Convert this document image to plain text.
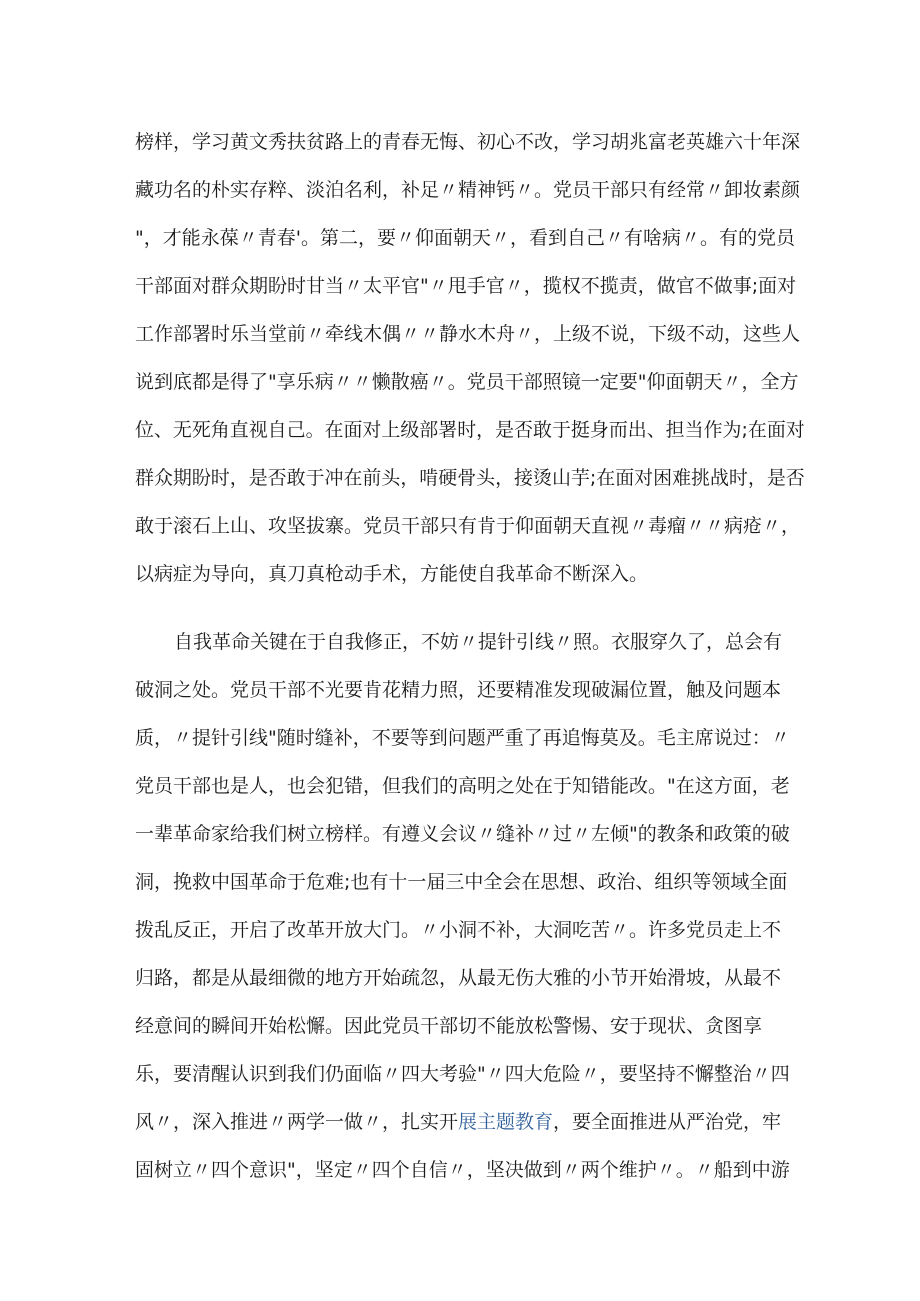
榜样，学习黄文秀扶贫路上的青春无悔、初心不改，学习胡兆富老英雄六十年深
藏功名的朴实存粹、淡泊名利，补足〃精神钙〃。党员干部只有经常〃卸妆素颜
"，才能永葆〃青春'。第二，要〃仰面朝天〃，看到自己〃有啥病〃。有的党员
干部面对群众期盼时甘当〃太平官"〃甩手官〃，揽权不揽责，做官不做事;面对
工作部署时乐当堂前〃牵线木偶〃〃静水木舟〃，上级不说，下级不动，这些人
说到底都是得了"享乐病〃〃懒散癌〃。党员干部照镜一定要"仰面朝天〃，全方
位、无死角直视自己。在面对上级部署时，是否敢于挺身而出、担当作为;在面对
群众期盼时，是否敢于冲在前头，啃硬骨头，接烫山芋;在面对困难挑战时，是否
敢于滚石上山、攻坚拔寨。党员干部只有肯于仰面朝天直视〃毒瘤〃〃病疮〃，
以病症为导向，真刀真枪动手术，方能使自我革命不断深入。

自我革命关键在于自我修正，不妨〃提针引线〃照。衣服穿久了，总会有
破洞之处。党员干部不光要肯花精力照，还要精准发现破漏位置，触及问题本
质，〃提针引线"随时缝补，不要等到问题严重了再追悔莫及。毛主席说过：〃
党员干部也是人，也会犯错，但我们的高明之处在于知错能改。"在这方面，老
一辈革命家给我们树立榜样。有遵义会议〃缝补〃过〃左倾"的教条和政策的破
洞，挽救中国革命于危难;也有十一届三中全会在思想、政治、组织等领域全面
拨乱反正，开启了改革开放大门。〃小洞不补，大洞吃苦〃。许多党员走上不
归路，都是从最细微的地方开始疏忽，从最无伤大雅的小节开始滑坡，从最不
经意间的瞬间开始松懈。因此党员干部切不能放松警惕、安于现状、贪图享
乐，要清醒认识到我们仍面临〃四大考验"〃四大危险〃，要坚持不懈整治〃四
风〃，深入推进〃两学一做〃，扎实开展主题教育，要全面推进从严治党，牢
固树立〃四个意识"，坚定〃四个自信〃，坚决做到〃两个维护〃。〃船到中游
